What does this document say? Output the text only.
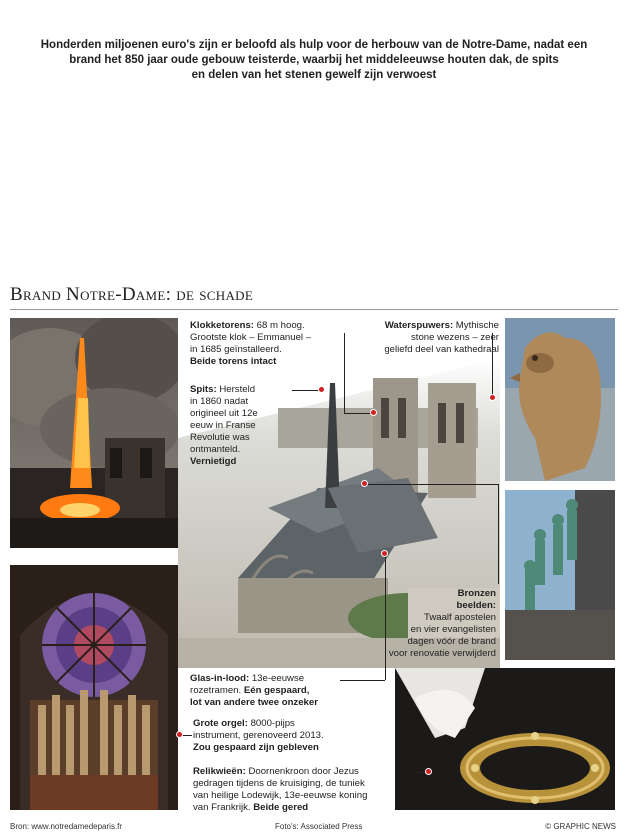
Honderden miljoenen euro's zijn er beloofd als hulp voor de herbouw van de Notre-Dame, nadat een
brand het 850 jaar oude gebouw teisterde, waarbij het middeleeuwse houten dak, de spits
en delen van het stenen gewelf zijn verwoest
Brand Notre-Dame: de schade
Klokketorens: 68 m hoog.
Grootste klok – Emmanuel –
in 1685 geïnstalleerd.
Beide torens intact
Waterspuwers: Mythische
stone wezens – zeer
geliefd deel van kathedraal
Spits: Hersteld
in 1860 nadat
origineel uit 12e
eeuw in Franse
Revolutie was
ontmanteld.
Vernietigd
Bronzen
beelden:
Twaalf apostelen
en vier evangelisten
dagen vóór de brand
voor renovatie verwijderd
Glas-in-lood: 13e-eeuwse
rozetramen. Eén gespaard,
lot van andere twee onzeker
Grote orgel: 8000-pijps
instrument, gerenoveerd 2013.
Zou gespaard zijn gebleven
Relikwieën: Doornenkroon door Jezus
gedragen tijdens de kruisiging, de tuniek
van heilige Lodewijk, 13e-eeuwse koning
van Frankrijk. Beide gered
Bron: www.notredamedeparis.fr	Foto's: Associated Press	© GRAPHIC NEWS
